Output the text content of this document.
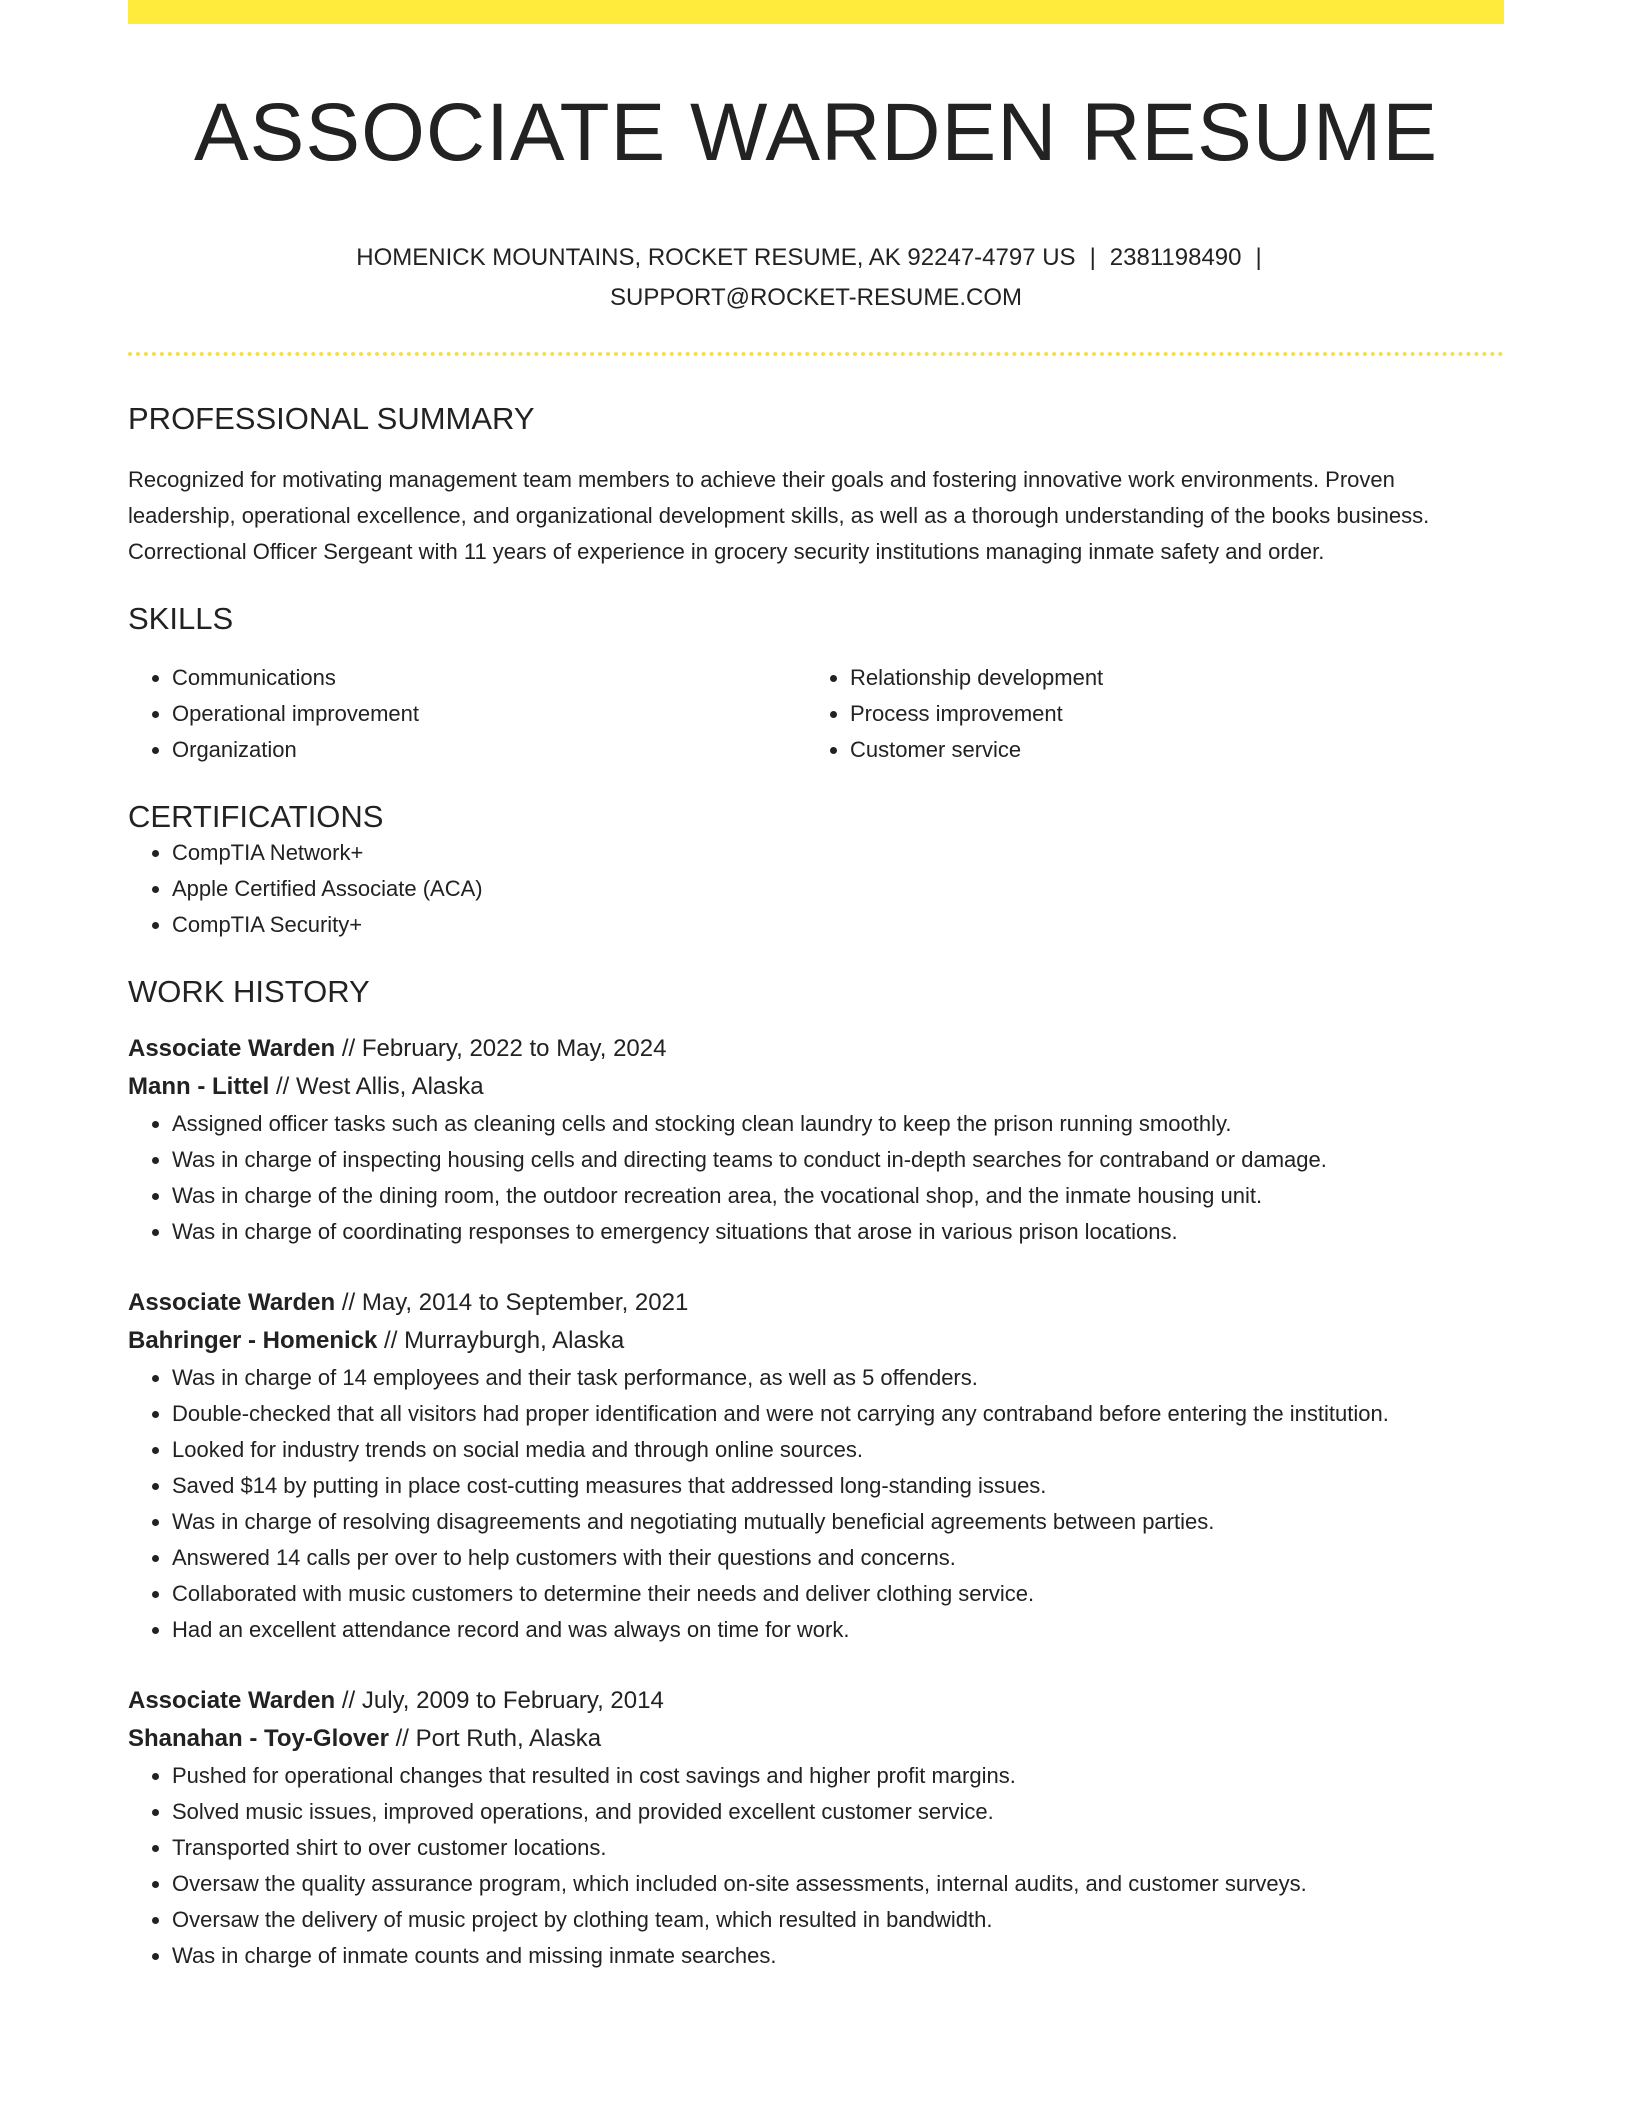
ASSOCIATE WARDEN RESUME
HOMENICK MOUNTAINS, ROCKET RESUME, AK 92247-4797 US | 2381198490 |
SUPPORT@ROCKET-RESUME.COM
PROFESSIONAL SUMMARY

Recognized for motivating management team members to achieve their goals and fostering innovative work environments. Proven leadership, operational excellence, and organizational development skills, as well as a thorough understanding of the books business. Correctional Officer Sergeant with 11 years of experience in grocery security institutions managing inmate safety and order.

SKILLS
• Communications
• Operational improvement
• Organization
• Relationship development
• Process improvement
• Customer service
CERTIFICATIONS
• CompTIA Network+
• Apple Certified Associate (ACA)
• CompTIA Security+
WORK HISTORY
Associate Warden // February, 2022 to May, 2024
Mann - Littel // West Allis, Alaska
• Assigned officer tasks such as cleaning cells and stocking clean laundry to keep the prison running smoothly.
• Was in charge of inspecting housing cells and directing teams to conduct in-depth searches for contraband or damage.
• Was in charge of the dining room, the outdoor recreation area, the vocational shop, and the inmate housing unit.
• Was in charge of coordinating responses to emergency situations that arose in various prison locations.
Associate Warden // May, 2014 to September, 2021
Bahringer - Homenick // Murrayburgh, Alaska
• Was in charge of 14 employees and their task performance, as well as 5 offenders.
• Double-checked that all visitors had proper identification and were not carrying any contraband before entering the institution.
• Looked for industry trends on social media and through online sources.
• Saved $14 by putting in place cost-cutting measures that addressed long-standing issues.
• Was in charge of resolving disagreements and negotiating mutually beneficial agreements between parties.
• Answered 14 calls per over to help customers with their questions and concerns.
• Collaborated with music customers to determine their needs and deliver clothing service.
• Had an excellent attendance record and was always on time for work.
Associate Warden // July, 2009 to February, 2014
Shanahan - Toy-Glover // Port Ruth, Alaska
• Pushed for operational changes that resulted in cost savings and higher profit margins.
• Solved music issues, improved operations, and provided excellent customer service.
• Transported shirt to over customer locations.
• Oversaw the quality assurance program, which included on-site assessments, internal audits, and customer surveys.
• Oversaw the delivery of music project by clothing team, which resulted in bandwidth.
• Was in charge of inmate counts and missing inmate searches.
